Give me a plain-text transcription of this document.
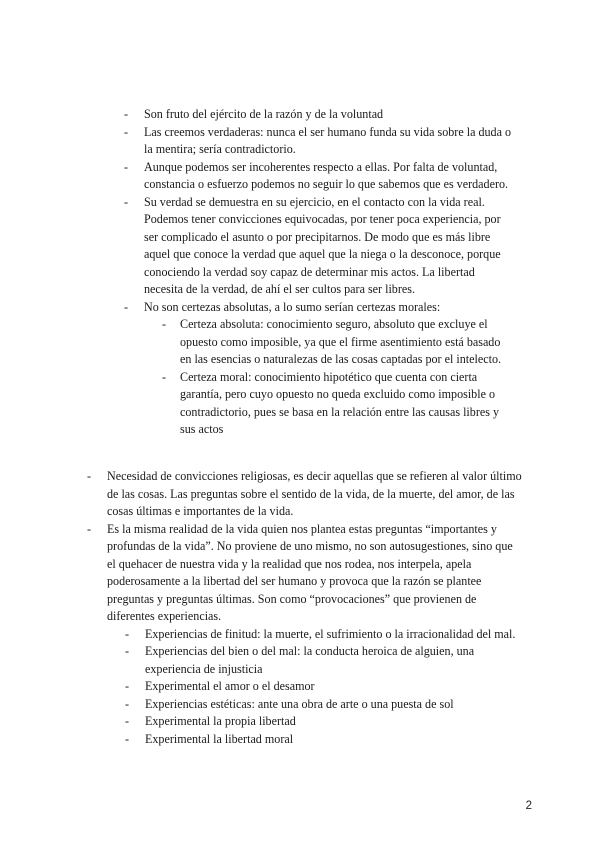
- Son fruto del ejército de la razón y de la voluntad
- Las creemos verdaderas: nunca el ser humano funda su vida sobre la duda o la mentira; sería contradictorio.
- Aunque podemos ser incoherentes respecto a ellas. Por falta de voluntad, constancia o esfuerzo podemos no seguir lo que sabemos que es verdadero.
- Su verdad se demuestra en su ejercicio, en el contacto con la vida real. Podemos tener convicciones equivocadas, por tener poca experiencia, por ser complicado el asunto o por precipitarnos. De modo que es más libre aquel que conoce la verdad que aquel que la niega o la desconoce, porque conociendo la verdad soy capaz de determinar mis actos. La libertad necesita de la verdad, de ahí el ser cultos para ser libres.
- No son certezas absolutas, a lo sumo serían certezas morales:
- Certeza absoluta: conocimiento seguro, absoluto que excluye el opuesto como imposible, ya que el firme asentimiento está basado en las esencias o naturalezas de las cosas captadas por el intelecto.
- Certeza moral: conocimiento hipotético que cuenta con cierta garantía, pero cuyo opuesto no queda excluido como imposible o contradictorio, pues se basa en la relación entre las causas libres y sus actos
- Necesidad de convicciones religiosas, es decir aquellas que se refieren al valor último de las cosas. Las preguntas sobre el sentido de la vida, de la muerte, del amor, de las cosas últimas e importantes de la vida.
- Es la misma realidad de la vida quien nos plantea estas preguntas “importantes y profundas de la vida”. No proviene de uno mismo, no son autosugestiones, sino que el quehacer de nuestra vida y la realidad que nos rodea, nos interpela, apela poderosamente a la libertad del ser humano y provoca que la razón se plantee preguntas y preguntas últimas. Son como “provocaciones” que provienen de diferentes experiencias.
- Experiencias de finitud: la muerte, el sufrimiento o la irracionalidad del mal.
- Experiencias del bien o del mal: la conducta heroica de alguien, una experiencia de injusticia
- Experimental el amor o el desamor
- Experiencias estéticas: ante una obra de arte o una puesta de sol
- Experimental la propia libertad
- Experimental la libertad moral
2
